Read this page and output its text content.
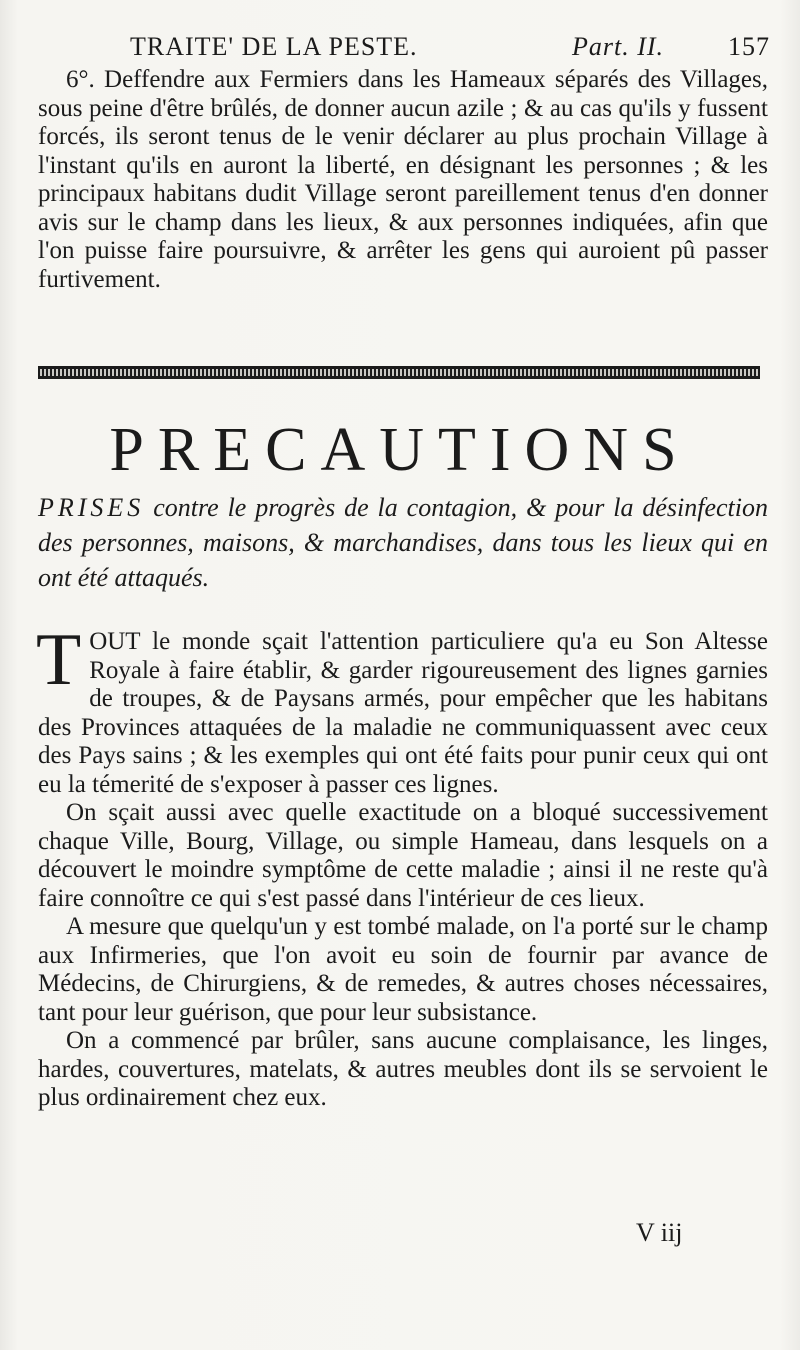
TRAITE' DE LA PESTE.	Part. II. 157

6°. Deffendre aux Fermiers dans les Hameaux séparés des Villages, sous peine d'être brûlés, de donner aucun azile ; & au cas qu'ils y fussent forcés, ils seront tenus de le venir déclarer au plus prochain Village à l'instant qu'ils en auront la liberté, en désignant les personnes ; & les principaux habitans dudit Village seront pareillement tenus d'en donner avis sur le champ dans les lieux, & aux personnes indiquées, afin que l'on puisse faire poursuivre, & arrêter les gens qui auroient pû passer furtivement.

PRECAUTIONS
PRISES contre le progrès de la contagion, & pour la désinfection des personnes, maisons, & marchandises, dans tous les lieux qui en ont été attaqués.

TOUT le monde sçait l'attention particuliere qu'a eu Son Altesse Royale à faire établir, & garder rigoureusement des lignes garnies de troupes, & de Paysans armés, pour empêcher que les habitans des Provinces attaquées de la maladie ne communiquassent avec ceux des Pays sains ; & les exemples qui ont été faits pour punir ceux qui ont eu la témerité de s'exposer à passer ces lignes.

On sçait aussi avec quelle exactitude on a bloqué successivement chaque Ville, Bourg, Village, ou simple Hameau, dans lesquels on a découvert le moindre symptôme de cette maladie ; ainsi il ne reste qu'à faire connoître ce qui s'est passé dans l'intérieur de ces lieux.

A mesure que quelqu'un y est tombé malade, on l'a porté sur le champ aux Infirmeries, que l'on avoit eu soin de fournir par avance de Médecins, de Chirurgiens, & de remedes, & autres choses nécessaires, tant pour leur guérison, que pour leur subsistance.

On a commencé par brûler, sans aucune complaisance, les linges, hardes, couvertures, matelats, & autres meubles dont ils se servoient le plus ordinairement chez eux.

V iij
